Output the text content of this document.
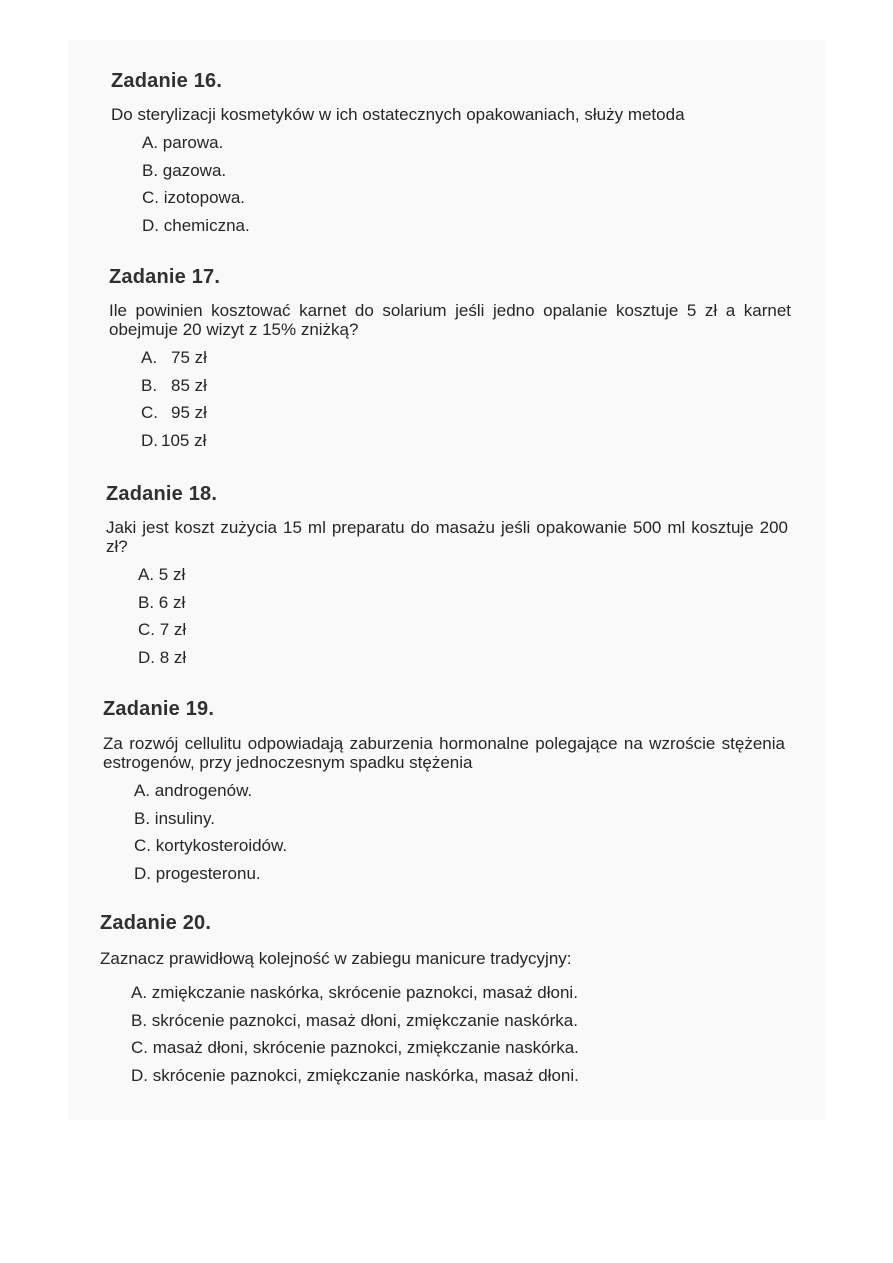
Zadanie 16.

Do sterylizacji kosmetyków w ich ostatecznych opakowaniach, służy metoda

A. parowa.
B. gazowa.
C. izotopowa.
D. chemiczna.
Zadanie 17.

Ile powinien kosztować karnet do solarium jeśli jedno opalanie kosztuje 5 zł a karnet obejmuje 20 wizyt z 15% zniżką?

A. 75 zł
B. 85 zł
C. 95 zł
D. 105 zł
Zadanie 18.

Jaki jest koszt zużycia 15 ml preparatu do masażu jeśli opakowanie 500 ml kosztuje 200 zł?

A. 5 zł
B. 6 zł
C. 7 zł
D. 8 zł
Zadanie 19.

Za rozwój cellulitu odpowiadają zaburzenia hormonalne polegające na wzroście stężenia estrogenów, przy jednoczesnym spadku stężenia

A. androgenów.
B. insuliny.
C. kortykosteroidów.
D. progesteronu.
Zadanie 20.

Zaznacz prawidłową kolejność w zabiegu manicure tradycyjny:

A. zmiękczanie naskórka, skrócenie paznokci, masaż dłoni.
B. skrócenie paznokci, masaż dłoni, zmiękczanie naskórka.
C. masaż dłoni, skrócenie paznokci, zmiękczanie naskórka.
D. skrócenie paznokci, zmiękczanie naskórka, masaż dłoni.
